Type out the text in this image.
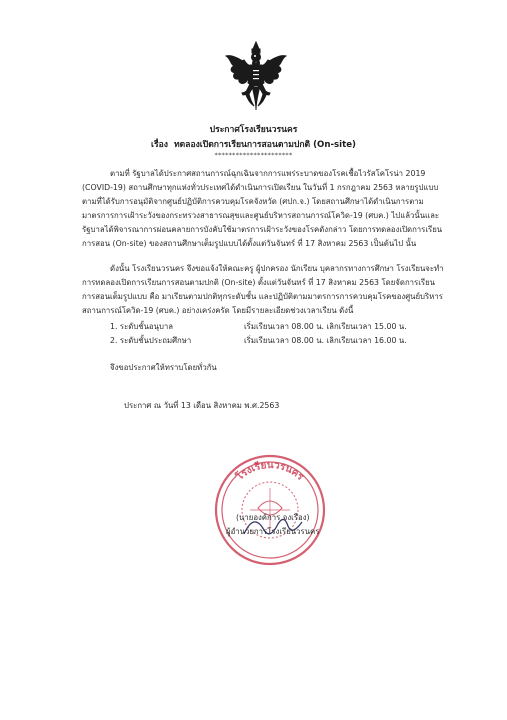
ประกาศโรงเรียนวรนคร
เรื่อง ทดลองเปิดการเรียนการสอนตามปกติ (On-site)
**********************
ตามที่ รัฐบาลได้ประกาศสถานการณ์ฉุกเฉินจากการแพร่ระบาดของโรคเชื้อไวรัสโคโรน่า 2019
(COVID-19) สถานศึกษาทุกแห่งทั่วประเทศได้ดำเนินการเปิดเรียน ในวันที่ 1 กรกฎาคม 2563 หลายรูปแบบ
ตามที่ได้รับการอนุมัติจากศูนย์ปฏิบัติการควบคุมโรคจังหวัด (ศปก.จ.) โดยสถานศึกษาได้ดำเนินการตาม
มาตรการการเฝ้าระวังของกระทรวงสาธารณสุขและศูนย์บริหารสถานการณ์โควิด-19 (ศบค.) ไปแล้วนั้นและ
รัฐบาลได้พิจารณาการผ่อนคลายการบังคับใช้มาตรการเฝ้าระวังของโรคดังกล่าว โดยการทดลองเปิดการเรียน
การสอน (On-site) ของสถานศึกษาเต็มรูปแบบได้ตั้งแต่วันจันทร์ ที่ 17 สิงหาคม 2563 เป็นต้นไป นั้น
ดังนั้น โรงเรียนวรนคร จึงขอแจ้งให้คณะครู ผู้ปกครอง นักเรียน บุคลากรทางการศึกษา โรงเรียนจะทำ
การทดลองเปิดการเรียนการสอนตามปกติ (On-site) ตั้งแต่วันจันทร์ ที่ 17 สิงหาคม 2563 โดยจัดการเรียน
การสอนเต็มรูปแบบ คือ มาเรียนตามปกติทุกระดับชั้น และปฏิบัติตามมาตรการการควบคุมโรคของศูนย์บริหาร
สถานการณ์โควิด-19 (ศบค.) อย่างเคร่งครัด โดยมีรายละเอียดช่วงเวลาเรียน ดังนี้
1. ระดับชั้นอนุบาล	เริ่มเรียนเวลา 08.00 น. เลิกเรียนเวลา 15.00 น.
2. ระดับชั้นประถมศึกษา	เริ่มเรียนเวลา 08.00 น. เลิกเรียนเวลา 16.00 น.
จึงขอประกาศให้ทราบโดยทั่วกัน
ประกาศ ณ วันที่ 13 เดือน สิงหาคม พ.ศ.2563
โรงเรียนวรนคร
(นายองค์การ จงเรือง)
ผู้อำนวยการโรงเรียนวรนคร
